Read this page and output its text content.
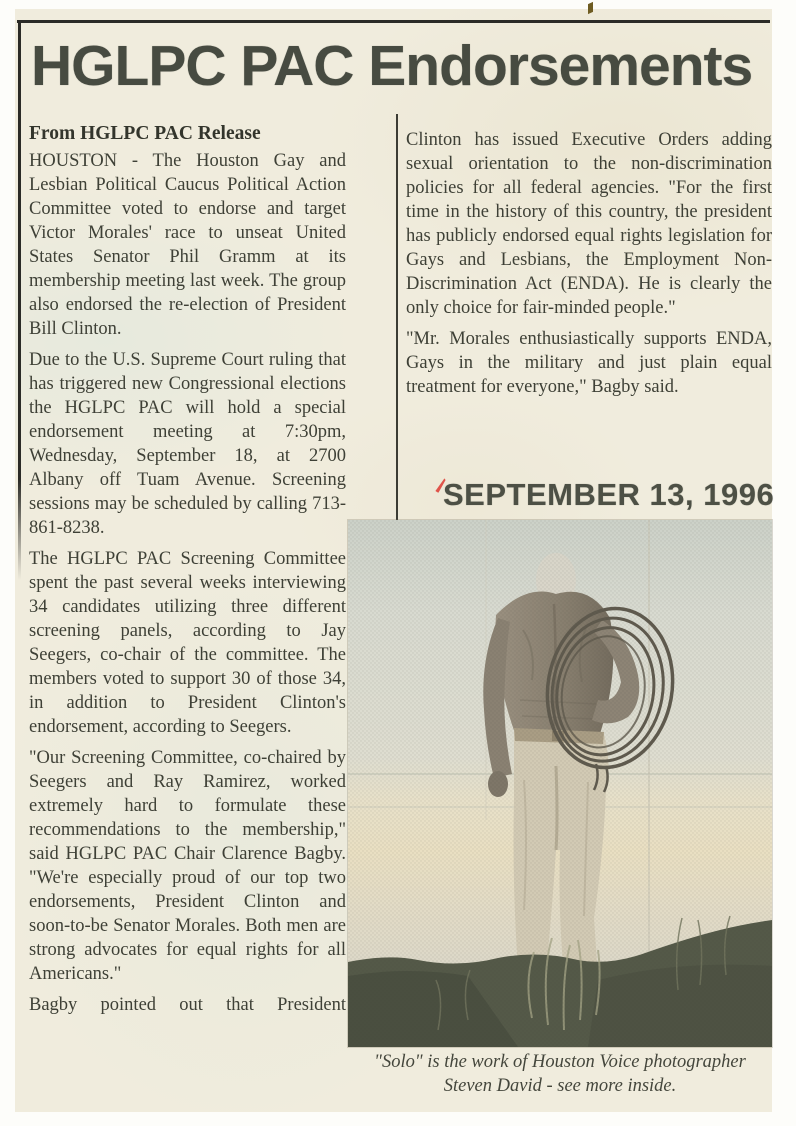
HGLPC PAC Endorsements

From HGLPC PAC Release

HOUSTON - The Houston Gay and Lesbian Political Caucus Political Action Committee voted to endorse and target Victor Morales' race to unseat United States Senator Phil Gramm at its membership meeting last week. The group also endorsed the re-election of President Bill Clinton.

Due to the U.S. Supreme Court ruling that has triggered new Congressional elections the HGLPC PAC will hold a special endorsement meeting at 7:30pm, Wednesday, September 18, at 2700 Albany off Tuam Avenue. Screening sessions may be scheduled by calling 713-861-8238.

The HGLPC PAC Screening Committee spent the past several weeks interviewing 34 candidates utilizing three different screening panels, according to Jay Seegers, co-chair of the committee. The members voted to support 30 of those 34, in addition to President Clinton's endorsement, according to Seegers.

"Our Screening Committee, co-chaired by Seegers and Ray Ramirez, worked extremely hard to formulate these recommendations to the membership," said HGLPC PAC Chair Clarence Bagby. "We're especially proud of our top two endorsements, President Clinton and soon-to-be Senator Morales. Both men are strong advocates for equal rights for all Americans."

Bagby pointed out that President

Clinton has issued Executive Orders adding sexual orientation to the non-discrimination policies for all federal agencies. "For the first time in the history of this country, the president has publicly endorsed equal rights legislation for Gays and Lesbians, the Employment Non-Discrimination Act (ENDA). He is clearly the only choice for fair-minded people."

"Mr. Morales enthusiastically supports ENDA, Gays in the military and just plain equal treatment for everyone," Bagby said.

SEPTEMBER 13, 1996
"Solo" is the work of Houston Voice photographer Steven David - see more inside.
